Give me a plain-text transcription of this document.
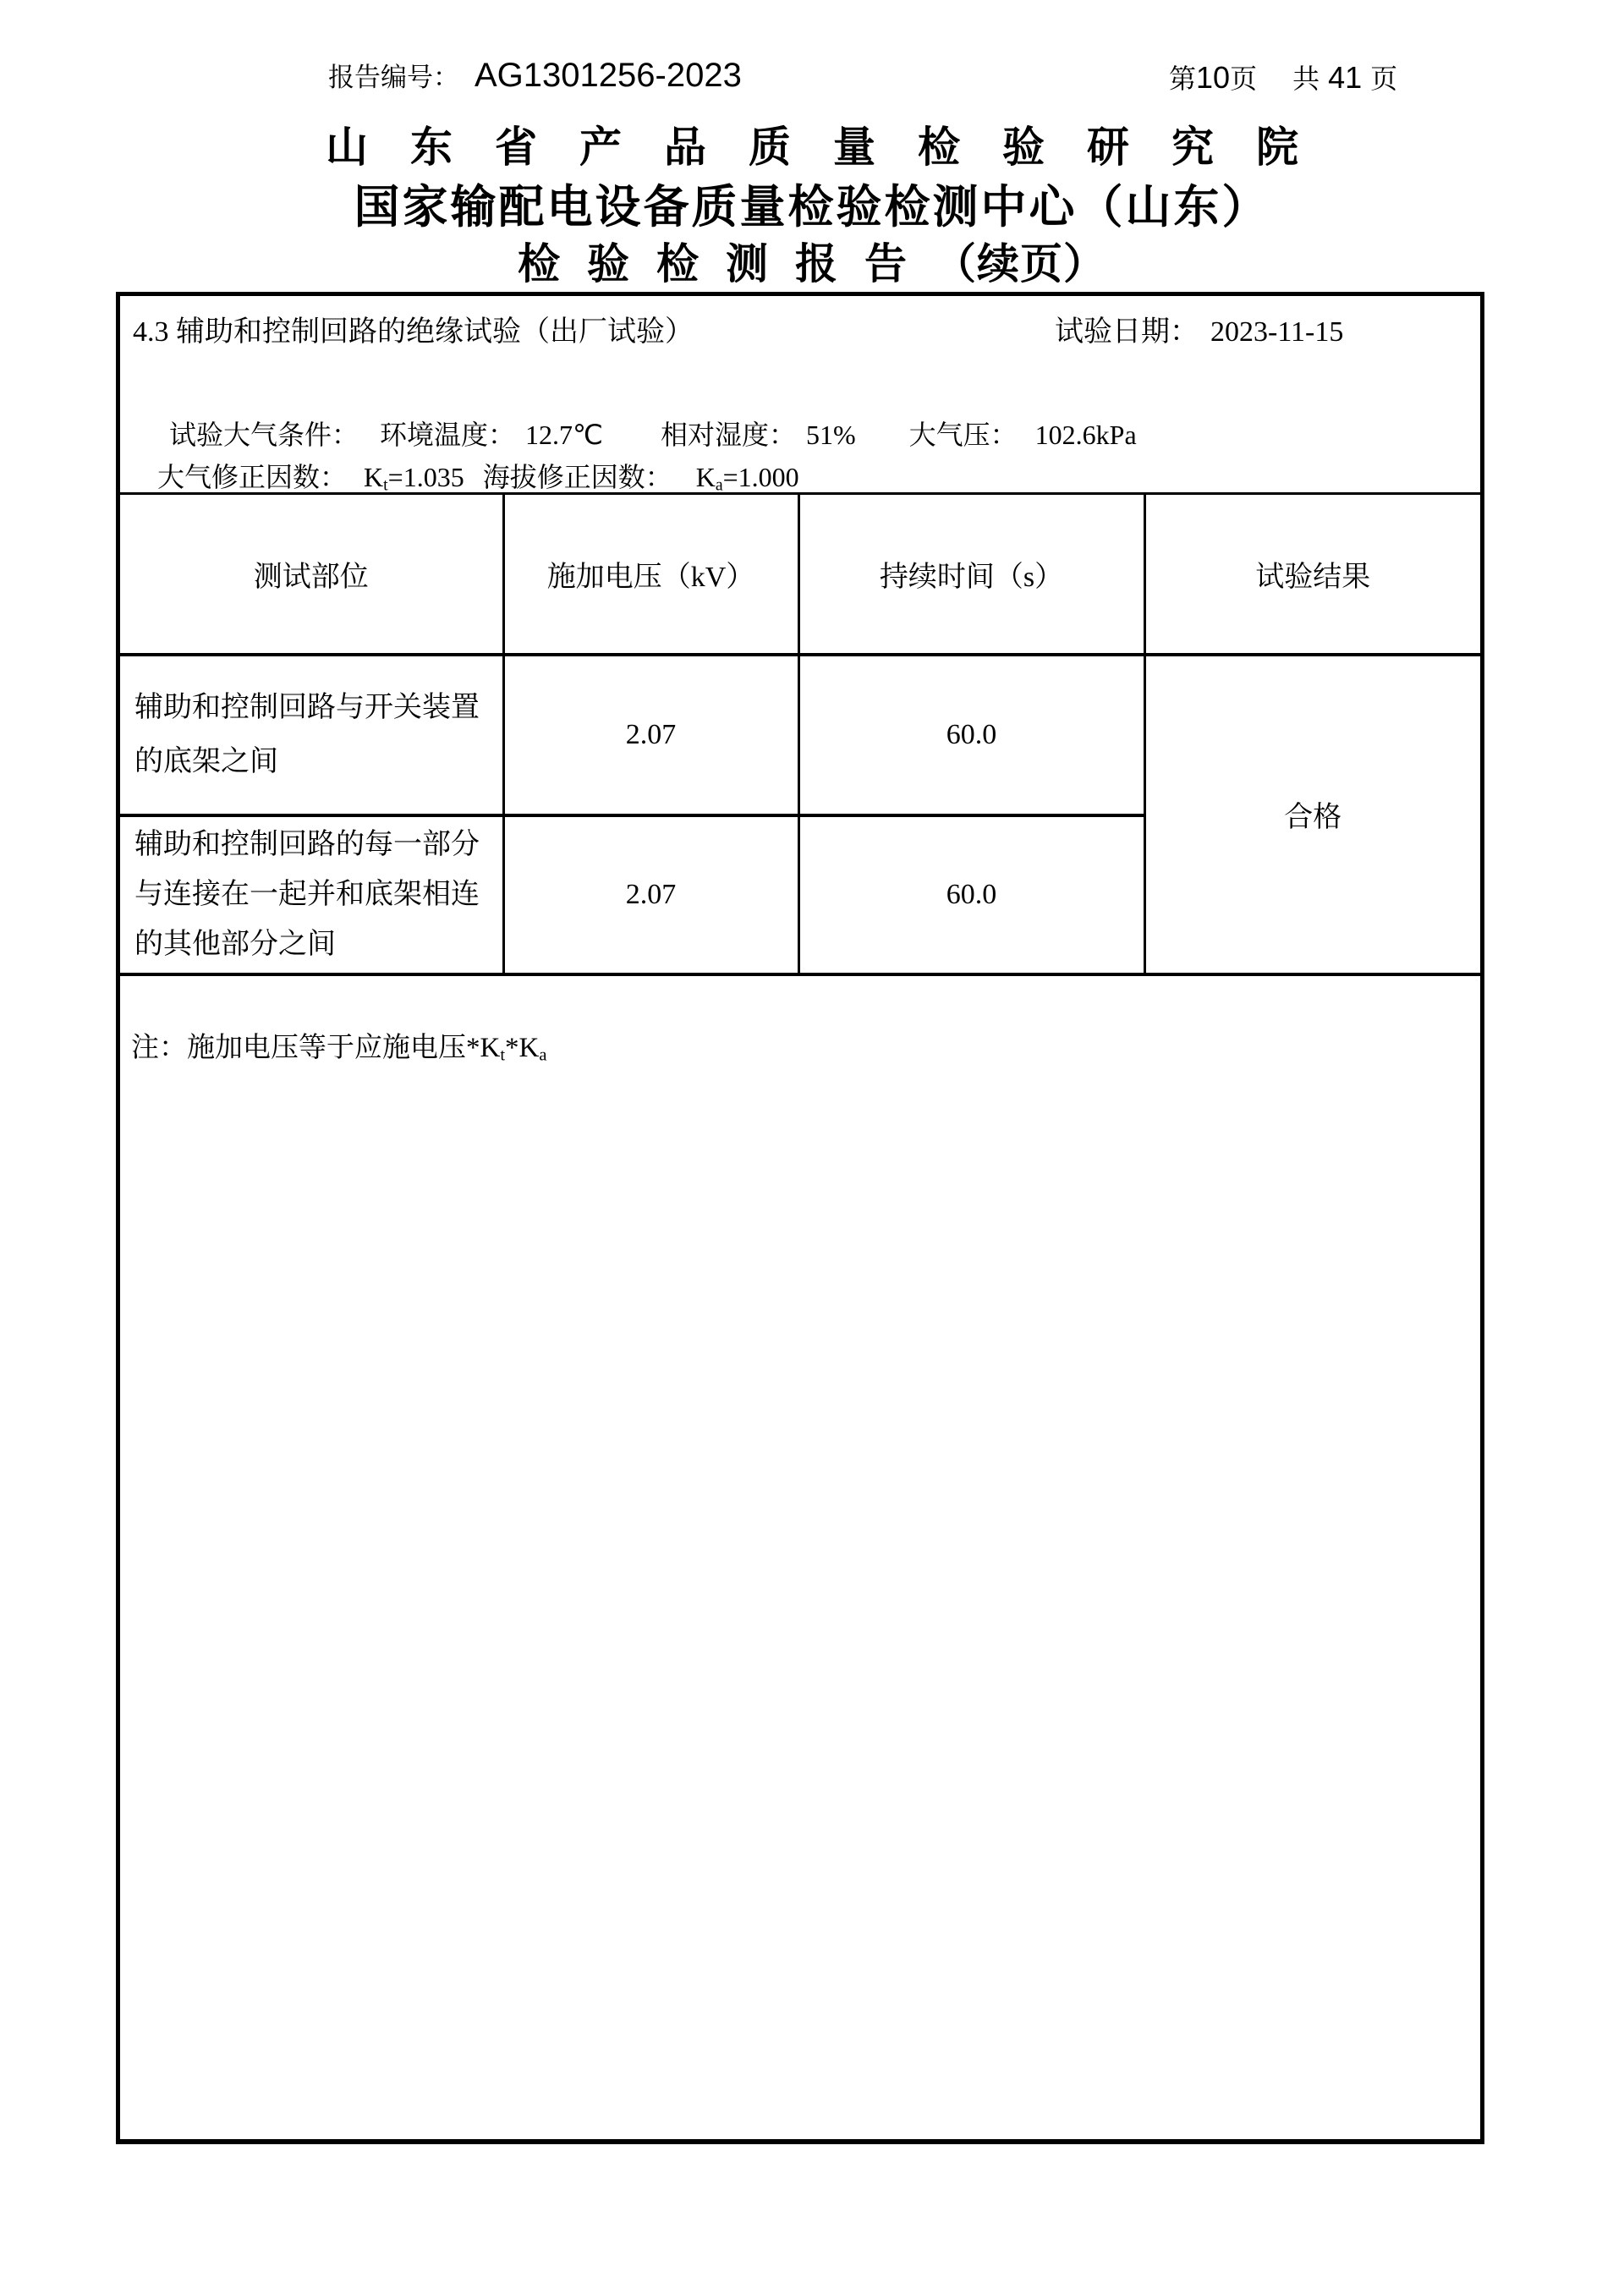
报告编号： AG1301256-2023	第10页 共 41 页
山东省产品质量检验研究院
国家输配电设备质量检验检测中心（山东）
检验检测报告（续页）
4.3 辅助和控制回路的绝缘试验（出厂试验）	试验日期： 2023-11-15
试验大气条件： 环境温度： 12.7℃ 相对湿度： 51% 大气压： 102.6kPa
大气修正因数： $K_t=1.035$ 海拔修正因数： $K_a=1.000$
测试部位	施加电压（kV）	持续时间（s）	试验结果

辅助和控制回路与开关装置
的底架之间	2.07	60.0	合格

辅助和控制回路的每一部分
与连接在一起并和底架相连
的其他部分之间	2.07	60.0	
注：施加电压等于应施电压$*K_t*K_a$
